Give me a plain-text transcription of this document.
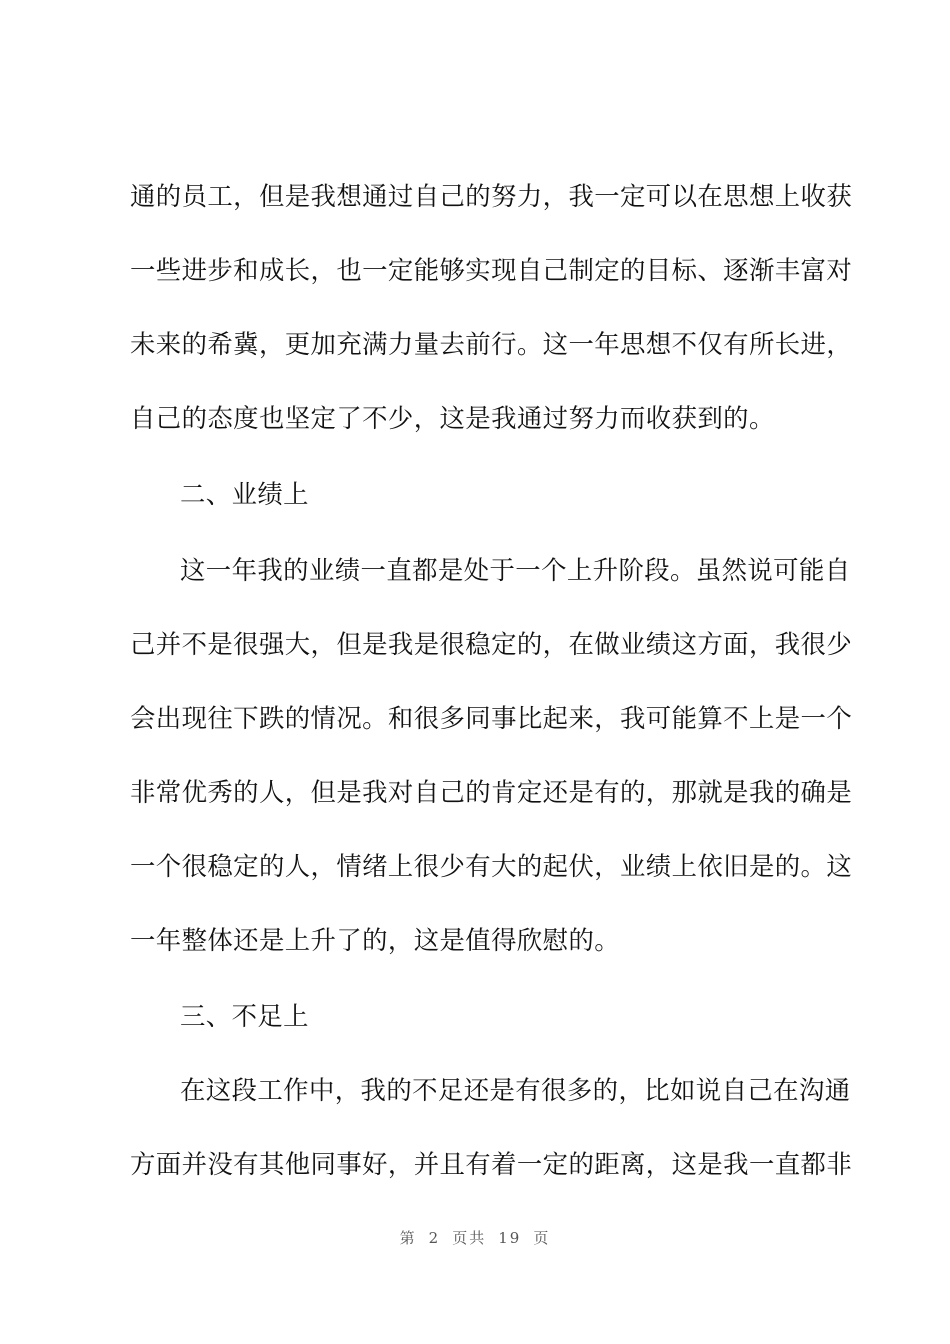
通的员工，但是我想通过自己的努力，我一定可以在思想上收获
一些进步和成长，也一定能够实现自己制定的目标、逐渐丰富对
未来的希冀，更加充满力量去前行。这一年思想不仅有所长进，
自己的态度也坚定了不少，这是我通过努力而收获到的。
二、业绩上
这一年我的业绩一直都是处于一个上升阶段。虽然说可能自
己并不是很强大，但是我是很稳定的，在做业绩这方面，我很少
会出现往下跌的情况。和很多同事比起来，我可能算不上是一个
非常优秀的人，但是我对自己的肯定还是有的，那就是我的确是
一个很稳定的人，情绪上很少有大的起伏，业绩上依旧是的。这
一年整体还是上升了的，这是值得欣慰的。
三、不足上
在这段工作中，我的不足还是有很多的，比如说自己在沟通
方面并没有其他同事好，并且有着一定的距离，这是我一直都非
第 2 页共 19 页
